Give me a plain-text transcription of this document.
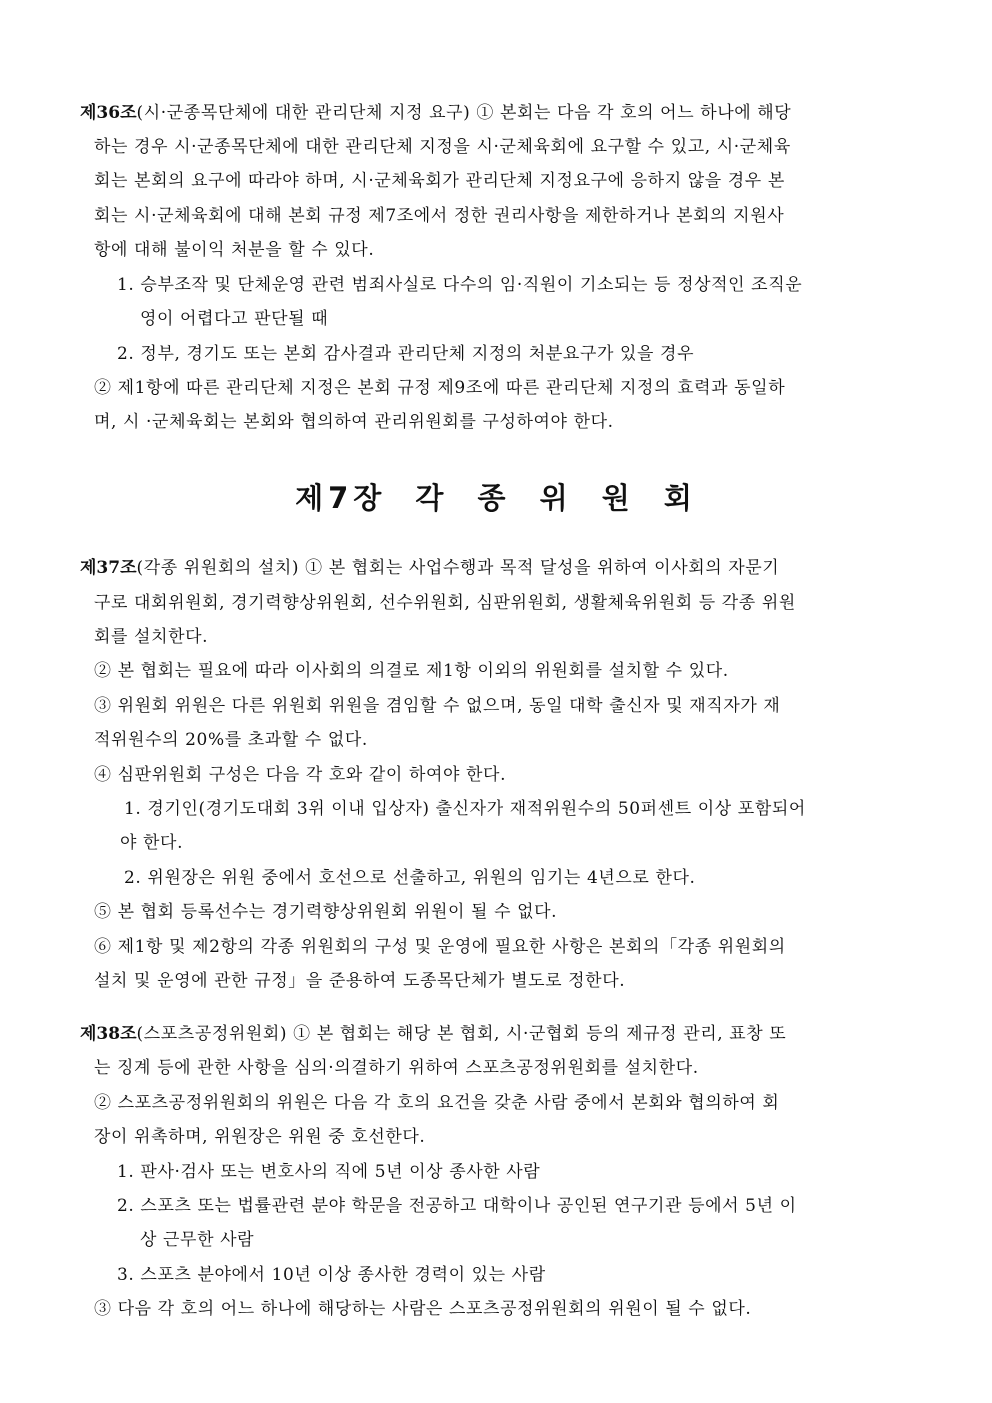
제36조(시·군종목단체에 대한 관리단체 지정 요구) ① 본회는 다음 각 호의 어느 하나에 해당
하는 경우 시·군종목단체에 대한 관리단체 지정을 시·군체육회에 요구할 수 있고, 시·군체육
회는 본회의 요구에 따라야 하며, 시·군체육회가 관리단체 지정요구에 응하지 않을 경우 본
회는 시·군체육회에 대해 본회 규정 제7조에서 정한 권리사항을 제한하거나 본회의 지원사
항에 대해 불이익 처분을 할 수 있다.
1. 승부조작 및 단체운영 관련 범죄사실로 다수의 임·직원이 기소되는 등 정상적인 조직운
영이 어렵다고 판단될 때
2. 정부, 경기도 또는 본회 감사결과 관리단체 지정의 처분요구가 있을 경우
② 제1항에 따른 관리단체 지정은 본회 규정 제9조에 따른 관리단체 지정의 효력과 동일하
며, 시 ·군체육회는 본회와 협의하여 관리위원회를 구성하여야 한다.
제7장 각 종 위 원 회
제37조(각종 위원회의 설치) ① 본 협회는 사업수행과 목적 달성을 위하여 이사회의 자문기
구로 대회위원회, 경기력향상위원회, 선수위원회, 심판위원회, 생활체육위원회 등 각종 위원
회를 설치한다.
② 본 협회는 필요에 따라 이사회의 의결로 제1항 이외의 위원회를 설치할 수 있다.
③ 위원회 위원은 다른 위원회 위원을 겸임할 수 없으며, 동일 대학 출신자 및 재직자가 재
적위원수의 20%를 초과할 수 없다.
④ 심판위원회 구성은 다음 각 호와 같이 하여야 한다.
1. 경기인(경기도대회 3위 이내 입상자) 출신자가 재적위원수의 50퍼센트 이상 포함되어
야 한다.
2. 위원장은 위원 중에서 호선으로 선출하고, 위원의 임기는 4년으로 한다.
⑤ 본 협회 등록선수는 경기력향상위원회 위원이 될 수 없다.
⑥ 제1항 및 제2항의 각종 위원회의 구성 및 운영에 필요한 사항은 본회의「각종 위원회의
설치 및 운영에 관한 규정」을 준용하여 도종목단체가 별도로 정한다.
제38조(스포츠공정위원회) ① 본 협회는 해당 본 협회, 시·군협회 등의 제규정 관리, 표창 또
는 징계 등에 관한 사항을 심의·의결하기 위하여 스포츠공정위원회를 설치한다.
② 스포츠공정위원회의 위원은 다음 각 호의 요건을 갖춘 사람 중에서 본회와 협의하여 회
장이 위촉하며, 위원장은 위원 중 호선한다.
1. 판사·검사 또는 변호사의 직에 5년 이상 종사한 사람
2. 스포츠 또는 법률관련 분야 학문을 전공하고 대학이나 공인된 연구기관 등에서 5년 이
상 근무한 사람
3. 스포츠 분야에서 10년 이상 종사한 경력이 있는 사람
③ 다음 각 호의 어느 하나에 해당하는 사람은 스포츠공정위원회의 위원이 될 수 없다.
